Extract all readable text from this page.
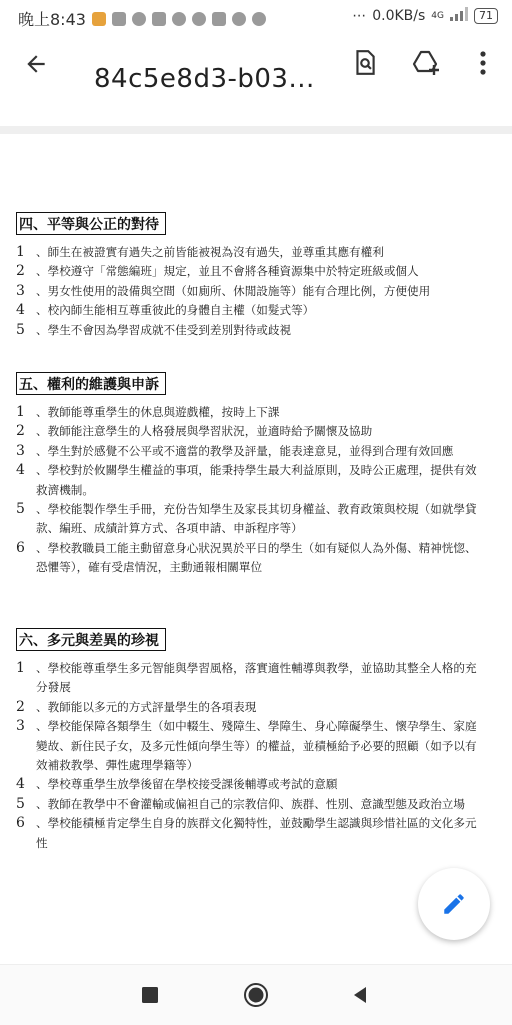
晚上8:43	⋯ 0.0KB/s 4G	71
84c5e8d3-b03...
四、平等與公正的對待
1 、師生在被證實有過失之前皆能被視為沒有過失，並尊重其應有權利
2 、學校遵守「常態編班」規定，並且不會將各種資源集中於特定班級或個人
3 、男女性使用的設備與空間（如廁所、休閒設施等）能有合理比例，方便使用
4 、校內師生能相互尊重彼此的身體自主權（如髮式等）
5 、學生不會因為學習成就不佳受到差別對待或歧視
五、權利的維護與申訴
1 、教師能尊重學生的休息與遊戲權，按時上下課
2 、教師能注意學生的人格發展與學習狀況，並適時給予關懷及協助
3 、學生對於感覺不公平或不適當的教學及評量，能表達意見，並得到合理有效回應
4 、學校對於攸關學生權益的事項，能秉持學生最大利益原則，及時公正處理，提供有效救濟機制。
5 、學校能製作學生手冊，充份告知學生及家長其切身權益、教育政策與校規（如就學貸款、編班、成績計算方式、各項申請、申訴程序等）
6 、學校教職員工能主動留意身心狀況異於平日的學生（如有疑似人為外傷、精神恍惚、恐懼等），確有受虐情況，主動通報相關單位
六、多元與差異的珍視
1 、學校能尊重學生多元智能與學習風格，落實適性輔導與教學，並協助其整全人格的充分發展
2 、教師能以多元的方式評量學生的各項表現
3 、學校能保障各類學生（如中輟生、殘障生、學障生、身心障礙學生、懷孕學生、家庭變故、新住民子女，及多元性傾向學生等）的權益，並積極給予必要的照顧（如予以有效補救教學、彈性處理學籍等）
4 、學校尊重學生放學後留在學校接受課後輔導或考試的意願
5 、教師在教學中不會灌輸或偏袒自己的宗教信仰、族群、性別、意識型態及政治立場
6 、學校能積極肯定學生自身的族群文化獨特性，並鼓勵學生認識與珍惜社區的文化多元性
